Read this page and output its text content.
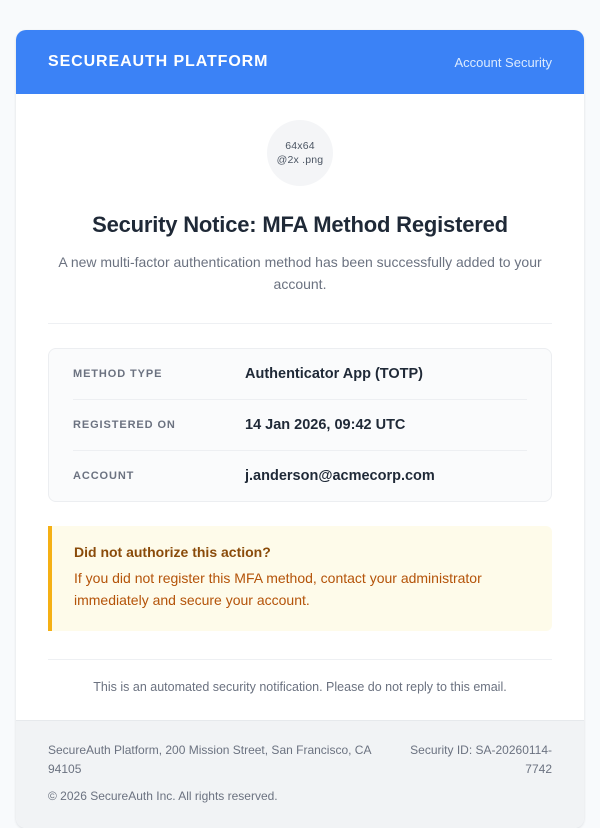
SECUREAUTH PLATFORM	Account Security
64x64
@2x .png
Security Notice: MFA Method Registered
A new multi-factor authentication method has been successfully added to your account.
METHOD TYPE	Authenticator App (TOTP)
REGISTERED ON	14 Jan 2026, 09:42 UTC
ACCOUNT	j.anderson@acmecorp.com
Did not authorize this action?
If you did not register this MFA method, contact your administrator immediately and secure your account.
This is an automated security notification. Please do not reply to this email.
SecureAuth Platform, 200 Mission Street, San Francisco, CA 94105
© 2026 SecureAuth Inc. All rights reserved.
Security ID: SA-20260114-7742
